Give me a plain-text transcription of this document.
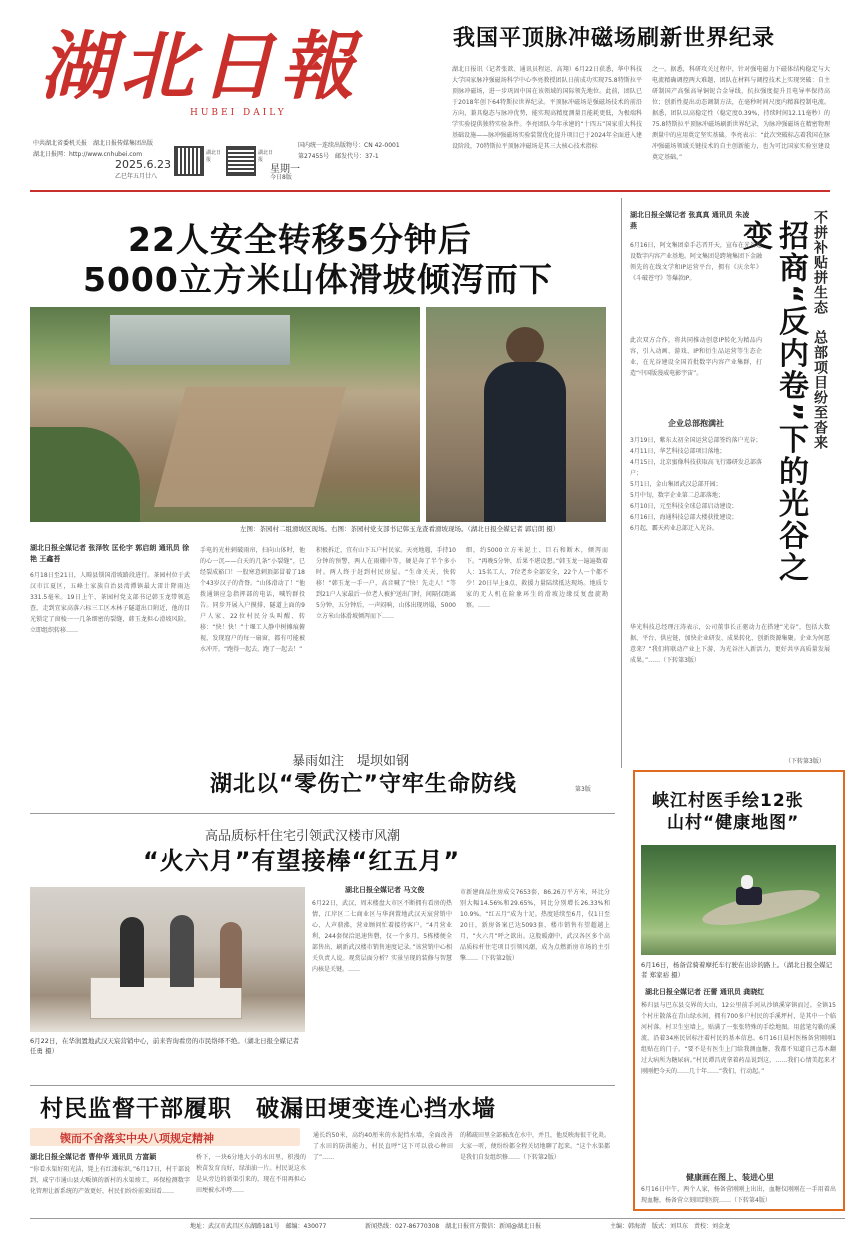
湖北日報
HUBEI DAILY
中共湖北省委机关报　湖北日报传媒集团出版
湖北日报网：http://www.cnhubei.com
2025.6.23
乙巳年五月廿八
湖北日报
湖北日报
星期一
今日8版
国内统一连续出版物号：CN 42-0001
第27455号　邮发代号：37-1
我国平顶脉冲磁场刷新世界纪录
湖北日报讯（记者张歆、通讯员程运、高翔）6月22日获悉，华中科技大学国家脉冲强磁场科学中心李亮教授团队日前成功实现75.8特斯拉平顶脉冲磁场，进一步巩固中国在该领域的国际领先地位。此前，团队已于2018年创下64特斯拉世界纪录。平顶脉冲磁场是强磁场技术的前沿方向，兼具稳态与脉冲优势，能实现高精度测量且能耗更低，为极端科学实验提供独特实验条件。李亮团队今年承建的“十四五”国家重大科技基础设施——脉冲强磁场实验装置优化提升项目已于2024年全面进入建设阶段，70特斯拉平顶脉冲磁场是其三大核心技术指标
之一。据悉，科研攻关过程中，针对强电磁力下磁体结构稳定与大电流精确调控两大难题，团队在材料与调控技术上实现突破：自主研制国产高强高导铜铌合金导线，抗拉强度提升且电导率保持高位；创新性提出动态调制方法，在毫秒时间尺度内精准控制电流。据悉，团队以高稳定性（稳定度0.39%，持续时间12.11毫秒）的75.8特斯拉平顶脉冲磁场刷新世界纪录，为脉冲强磁场在精密物理测量中的应用奠定坚实基础。李亮表示：“此次突破标志着我国在脉冲强磁场领域关键技术的自主创新能力，也为可比国家实验室建设奠定基础。”
22人安全转移5分钟后
5000立方米山体滑坡倾泻而下
左图：茶园村二组滑坡区现场。右图：茶园村党支部书记韩玉龙查看滑坡现场。（湖北日报全媒记者 郭启朗 摄）
湖北日报全媒记者 张泽牧 匡伦宇 郭启朗 通讯员 徐艳 王鑫苔
6月18日至21日，人畸县锁国滑坡路段进行。茶园村位于武汉市江夏区，五峰土家族自治县湾潭镇最大雷计降雨达331.5毫米。19日上午，茶园村党支部书记韩玉龙带领巡查，走到宜家高落六标三工区木林子隧道出口附近，他的目光锁定了窗棱一一几条细密的裂缝，韩玉龙担心滑坡风险，立即组织转移……
手电的光柱刺破雨帘，扫向山体时，他的心一沉——白天的几条“小裂缝”，已经裂成豁口！一股寒意刺頂部冒着了18个43岁汉子的背脊。“山体滑动了！”他拨通镇应急指挥部的电话，喊钓群投告。同步开展入户摸排，隧道上面的9户人家、22位村民分头叫醒、转移：“快！快！”十堰工人静中树摊痕俯视，发现窟户的每一扇窗，都有可能被水冲开。“跑得一起去，跑了一起去！”
积极拆迁，宜有山下五户村民家。天亮地遇，手持10分钟的预警，两人在雨棚中等，硬是奔了半个多小时。两人终于赶到村民房屋。“生命关天，快转移！”韩玉龙一手一户，高音喊了“快！先走人！”等到21户人家最后一位老人被护送出门时，间隔仅距离5分钟，五分钟后，一声闷响，山体出现坍塌，5000立方米山体滑坡倾泻而下……
细，约5000立方米泥土、巨石和断木，倾泻而下。“再晚5分钟，后果不堪设想。”韩玉龙一遍遍数着人：15名工人、7位老乡全部安全，22个人一个都不少！20日早上8点，救援力量陆续抵达现场。地质专家的无人机在险象环生的滑坡边缘反复盘旋勘察。……
暴雨如注　堤坝如钢
湖北以“零伤亡”守牢生命防线	第3版
湖北日报全媒记者 张真真 通讯员 朱凌燕	不拼补贴拼生态　总部项目纷至沓来
招商“反内卷”下的光谷之变
6月16日，阿文集团牵手芯晋开天，宣布在光谷建设数字内容产业基地。阿文集团是跨境集团下金融领先的在线文学和IP运营平台，拥有《庆余年》《斗破苍穹》等爆款IP。
此次双方合作，将共同推动创意IP转化为精品内容，引入动画、游戏、IP和衍生品运营等生态企业，在光谷建设全国首批数字内容产业集群，打造“中国版漫威电影宇宙”。
企业总部抱满社
3月19日，紫东太初全国运营总部签约落户光谷；
4月11日，华艺科技总部项目落地；
4月15日，北京蜜像科技获取高飞行器研发总部落户；
5月1日，金山集团武汉总部开园；
5月中旬，数字企业第二总部落地；
6月10日，元至科技全球总部启动建设；
6月16日，海通科技总部大楼获批建设；
6月起，霸天药业总部迁入光谷。
华光科技总经理汪涛表示，公司董事长正驱动力在搭建“光谷”，包括大数据、平台、供应链，加快企业研发、成果转化、创新资源集聚。企业为何愿意来？“我们将联动产业上下游，为光谷注入新活力，更好共享高质量发展成果。”……（下转第3版）
（下转第3版）
高品质标杆住宅引领武汉楼市风潮
“火六月”有望接棒“红五月”
6月22日，在华润置地武汉天宸营销中心，前来咨询看房的市民络绎不绝。（湖北日报全媒记者 任勇 摄）
湖北日报全媒记者 马文俊
6月22日，武汉，周末楼盘大市区不断拥有看房的热情，江岸区二七商业区与华润置地武汉天宸营销中心、人声鼎沸，营业顾问忙着接待客户。“4月营业利，244套保洽迅速售磬，仅一个多月，5栋楼便全部售出，刷新武汉楼市销售速度记录。”该营销中心相关负责人说。观赏层面分析？实景呈现的装修与智慧内核是关键。……
市新建商品住房成交7653套，86.26万平方米，环比分别大幅14.56%和29.65%，同比分别增长26.33%和10.9%。“红五月”成为十足。热度延续至6月，仅1日至20日，新房备案已达5093套，楼市销售有望超越上月，“火六月”呼之欲出。这股暖潮中，武汉各区多个高品质标杆住宅项目引领风潮，成为点燃新房市场的主引擎……（下转第2版）
村民监督干部履职　破漏田埂变连心挡水墙
锲而不舍落实中央八项规定精神
湖北日报全媒记者 曹仲华 通讯员 方富颖
“你看水渠好阻光洁，毙上有红漆标识，”6月17日，村干部说到，咸宁市通山县大畈镇的新村的水渠竣工，环保检测数字化管理让新系统的产效更好，村民们纷纷前来围看……
桥下，一块6分地大小的水田里，积漫的秧苗发育良好，绿油油一片。村民说这水是从旁边的新渠引来的，现在不用再担心田埂被水冲垮……
通长约50米，高约40厘米的水泥挡水墙，全面改善了水田的防洪能力，村民直呼“这下可以放心种田了”……
的稀疏田里全部被改在水中，并且，他反映海很干化炎。大家一听，便纷纷都全程关切地聊了起来。“这个水渠都是我们自发组织修……（下转第2版）
峡江村医手绘12张
山村“健康地图”
6月16日，杨备营骑着摩托车行驶在出诊的路上。（湖北日报全媒记者 郑家裕 摄）
湖北日报全媒记者 汪蕾 通讯员 龚晓红
秭归县与巴东县交界的大山，12公里前手河从沙镇溪穿镇而过。全镇15个村庄散落在青山绿水间，拥有700多户村民的手溪坪村，是其中一个临河村落。村卫生室墙上，贴满了一张张特殊的手绘地图。用蓝笔勾勒的溪流，沿着34座民居标注着村民的基本信息。6月16日晨村医杨备营刚刚1组贴在的门子。“要不是有医生上门给我测血糖，我都不知道自己毒木翻过大病所为糖尿病。”村民谭昌虎拿着药品说到这，……我们心情美起来才刚刚把今天的……几十年……“我们，行动起。”
健康画在图上、装进心里
6月16日中午，两个人家，杨备营刚刚上出出，血糖仪刚刚在一手用着出现血糖，杨备营立刻回到医院……（下转第4版）
地址：武汉市武昌区东湖路181号　邮编：430077	新闻热线：027-86770308　湖北日报官方微信：新闻@湖北日报	主编：韩海清　版式：刘旦东　责校：刘金龙
